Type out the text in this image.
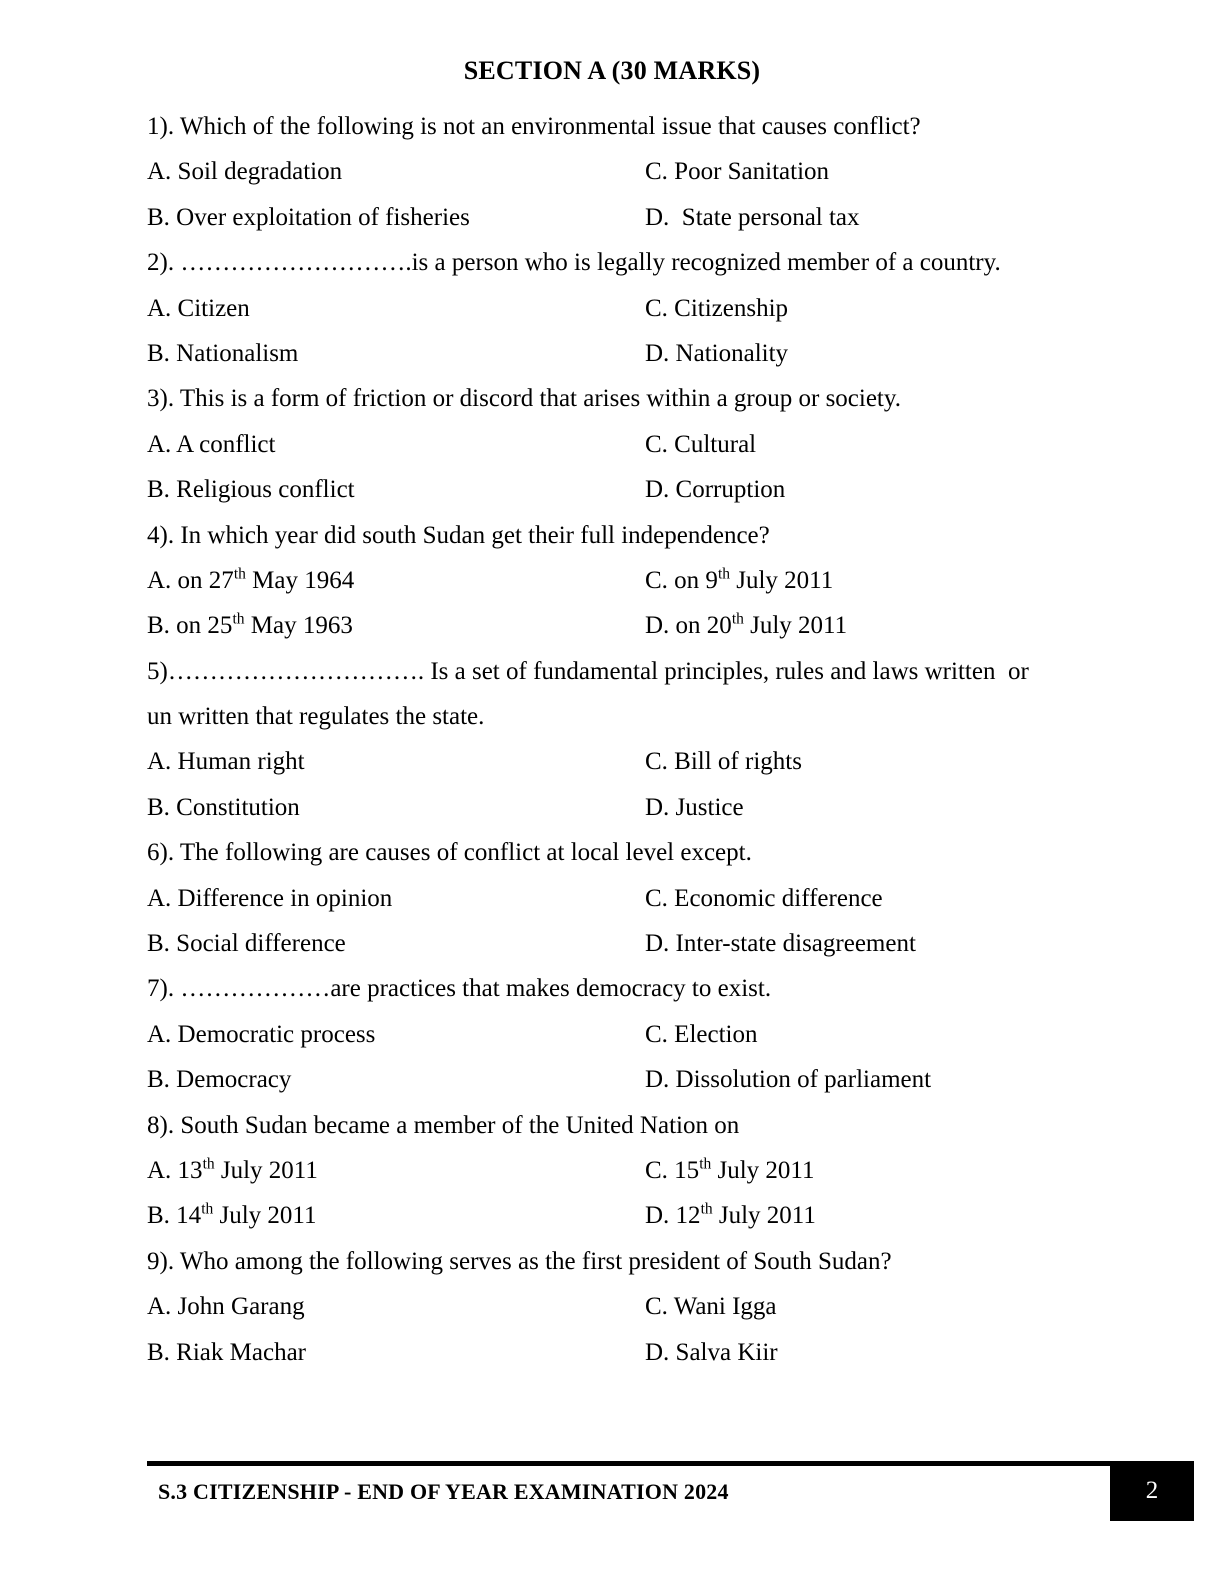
SECTION A (30 MARKS)
1). Which of the following is not an environmental issue that causes conflict?

A. Soil degradation

	C. Poor Sanitation

B. Over exploitation of fisheries

	D.  State personal tax

2). ……………………….is a person who is legally recognized member of a country.

A. Citizen

	C. Citizenship

B. Nationalism

	D. Nationality

3). This is a form of friction or discord that arises within a group or society.

A. A conflict

	C. Cultural

B. Religious conflict

	D. Corruption

4). In which year did south Sudan get their full independence?

A. on 27th May 1964

	C. on 9th July 2011

B. on 25th May 1963

	D. on 20th July 2011

5)…………………………. Is a set of fundamental principles, rules and laws written  or un written that regulates the state.

A. Human right

	C. Bill of rights

B. Constitution

	D. Justice

6). The following are causes of conflict at local level except.

A. Difference in opinion

	C. Economic difference

B. Social difference

	D. Inter-state disagreement

7). ………………are practices that makes democracy to exist.

A. Democratic process

	C. Election

B. Democracy

	D. Dissolution of parliament

8). South Sudan became a member of the United Nation on

A. 13th July 2011

	C. 15th July 2011

B. 14th July 2011

	D. 12th July 2011

9). Who among the following serves as the first president of South Sudan?

A. John Garang

	C. Wani Igga

B. Riak Machar

	D. Salva Kiir

S.3 CITIZENSHIP - END OF YEAR EXAMINATION 2024	2
